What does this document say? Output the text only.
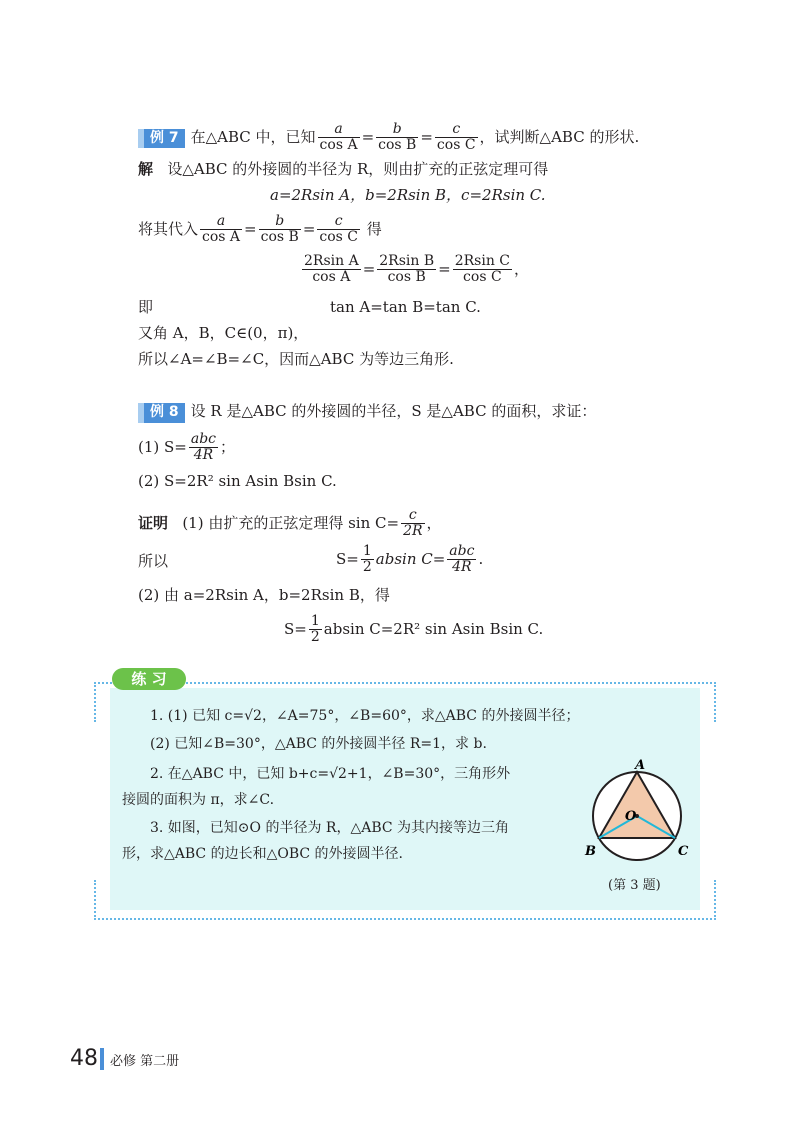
例 7 在△ABC 中，已知 $\frac{a}{\text{cos A}} = \frac{b}{\text{cos B}} = \frac{c}{\text{cos C}}$ ，试判断△ABC 的形状.
解 设△ABC 的外接圆的半径为 R，则由扩充的正弦定理可得
a=2Rsin A，b=2Rsin B，c=2Rsin C.
将其代入 $\frac{a}{\text{cos A}} = \frac{b}{\text{cos B}} = \frac{c}{\text{cos C}}$ 得
$\frac{\text{2Rsin A}}{\text{cos A}} = \frac{\text{2Rsin B}}{\text{cos B}} = \frac{\text{2Rsin C}}{\text{cos C}}$ ，
即	tan A=tan B=tan C.
又角 A，B，C∈(0，π)，
所以∠A=∠B=∠C，因而△ABC 为等边三角形.
例 8 设 R 是△ABC 的外接圆的半径，S 是△ABC 的面积，求证：
(1) $S= \frac{\text{abc}}{4R}$ ；
(2) S=2R² sin Asin Bsin C.
证明 (1) 由扩充的正弦定理得 $\sin C= \frac{c}{2R}$ ，
所以	$S= \frac{1}{2}$ absin $C= \frac{\text{abc}}{4R}$ .
(2) 由 a=2Rsin A，b=2Rsin B，得
$S= \frac{1}{2}$ absin C=2R² sin Asin Bsin C.
练 习
1. (1) 已知 c=√2，∠A=75°，∠B=60°，求△ABC 的外接圆半径；
(2) 已知∠B=30°，△ABC 的外接圆半径 R=1，求 b.
2. 在△ABC 中，已知 b+c=√2+1，∠B=30°，三角形外
接圆的面积为 π，求∠C.
3. 如图，已知⊙O 的半径为 R，△ABC 为其内接等边三角
形，求△ABC 的边长和△OBC 的外接圆半径.
A
B	C
O
(第 3 题)
48 必修 第二册
